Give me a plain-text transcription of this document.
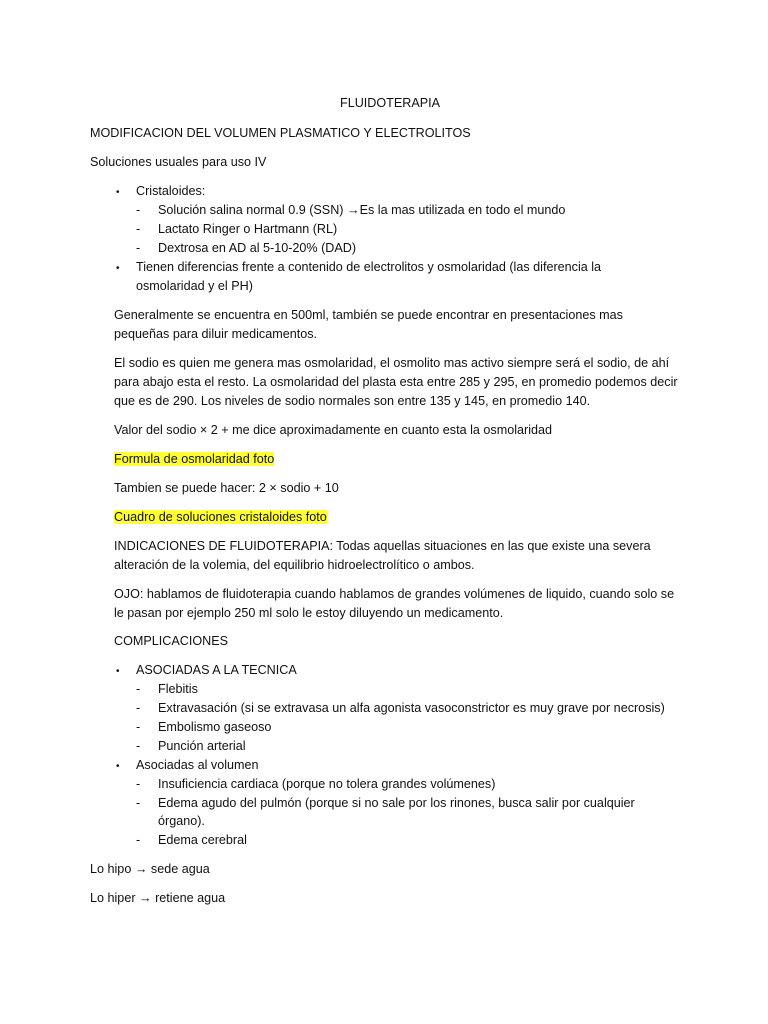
FLUIDOTERAPIA
MODIFICACION DEL VOLUMEN PLASMATICO Y ELECTROLITOS
Soluciones usuales para uso IV
• Cristaloides:
- Solución salina normal 0.9 (SSN) →Es la mas utilizada en todo el mundo
- Lactato Ringer o Hartmann (RL)
- Dextrosa en AD al 5-10-20% (DAD)
• Tienen diferencias frente a contenido de electrolitos y osmolaridad (las diferencia la
osmolaridad y el PH)
Generalmente se encuentra en 500ml, también se puede encontrar en presentaciones mas
pequeñas para diluir medicamentos.
El sodio es quien me genera mas osmolaridad, el osmolito mas activo siempre será el sodio, de ahí
para abajo esta el resto. La osmolaridad del plasta esta entre 285 y 295, en promedio podemos decir
que es de 290. Los niveles de sodio normales son entre 135 y 145, en promedio 140.
Valor del sodio × 2 + me dice aproximadamente en cuanto esta la osmolaridad
Formula de osmolaridad foto
Tambien se puede hacer: 2 × sodio + 10
Cuadro de soluciones cristaloides foto
INDICACIONES DE FLUIDOTERAPIA: Todas aquellas situaciones en las que existe una severa
alteración de la volemia, del equilibrio hidroelectrolítico o ambos.
OJO: hablamos de fluidoterapia cuando hablamos de grandes volúmenes de liquido, cuando solo se
le pasan por ejemplo 250 ml solo le estoy diluyendo un medicamento.
COMPLICACIONES
• ASOCIADAS A LA TECNICA
- Flebitis
- Extravasación (si se extravasa un alfa agonista vasoconstrictor es muy grave por necrosis)
- Embolismo gaseoso
- Punción arterial
• Asociadas al volumen
- Insuficiencia cardiaca (porque no tolera grandes volúmenes)
- Edema agudo del pulmón (porque si no sale por los rinones, busca salir por cualquier
órgano).
- Edema cerebral
Lo hipo → sede agua
Lo hiper → retiene agua
